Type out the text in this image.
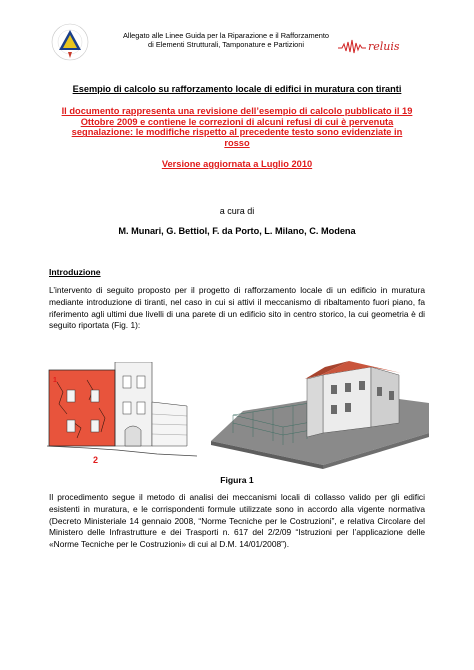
Allegato alle Linee Guida per la Riparazione e il Rafforzamento
di Elementi Strutturali, Tamponature e Partizioni	reluis
Esempio di calcolo su rafforzamento locale di edifici in muratura con tiranti
Il documento rappresenta una revisione dell’esempio di calcolo pubblicato il 19 Ottobre 2009 e contiene le correzioni di alcuni refusi di cui è pervenuta segnalazione: le modifiche rispetto al precedente testo sono evidenziate in rosso
Versione aggiornata a Luglio 2010
a cura di
M. Munari, G. Bettiol, F. da Porto, L. Milano, C. Modena
Introduzione
L’intervento di seguito proposto per il progetto di rafforzamento locale di un edificio in muratura mediante introduzione di tiranti, nel caso in cui si attivi il meccanismo di ribaltamento fuori piano, fa riferimento agli ultimi due livelli di una parete di un edificio sito in centro storico, la cui geometria è di seguito riportata (Fig. 1):
2
1
Figura 1
Il procedimento segue il metodo di analisi dei meccanismi locali di collasso valido per gli edifici esistenti in muratura, e le corrispondenti formule utilizzate sono in accordo alla vigente normativa (Decreto Ministeriale 14 gennaio 2008, “Norme Tecniche per le Costruzioni”, e relativa Circolare del Ministero delle Infrastrutture e dei Trasporti n. 617 del 2/2/09 “Istruzioni per l’applicazione delle «Norme Tecniche per le Costruzioni» di cui al D.M. 14/01/2008”).
